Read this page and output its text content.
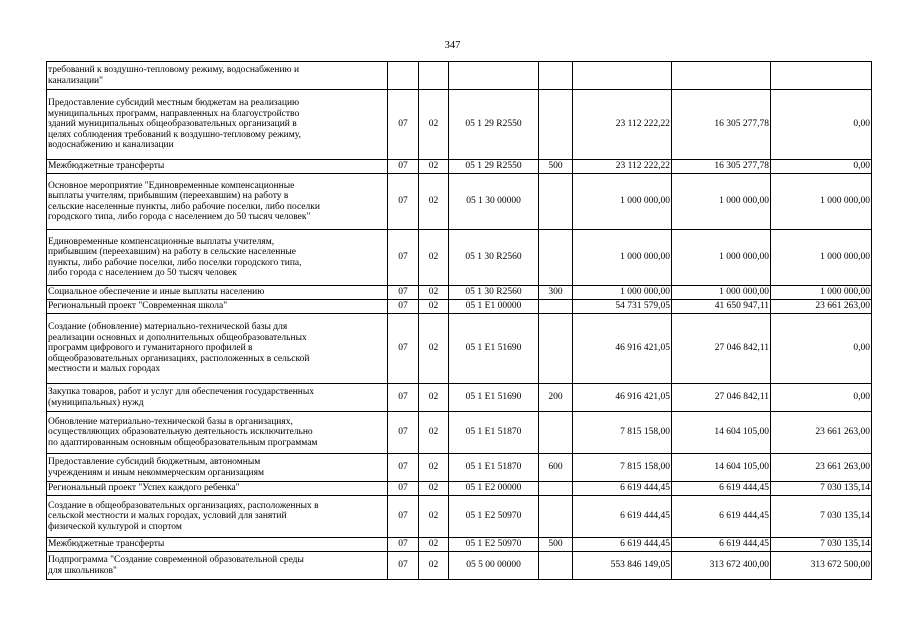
347
требований к воздушно-тепловому режиму, водоснабжению и
канализации"							
Предоставление субсидий местным бюджетам на реализацию
муниципальных программ, направленных на благоустройство
зданий муниципальных общеобразовательных организаций в
целях соблюдения требований к воздушно-тепловому режиму,
водоснабжению и канализации	07	02	05 1 29 R2550		23 112 222,22	16 305 277,78	0,00
Межбюджетные трансферты	07	02	05 1 29 R2550	500	23 112 222,22	16 305 277,78	0,00
Основное мероприятие "Единовременные компенсационные
выплаты учителям, прибывшим (переехавшим) на работу в
сельские населенные пункты, либо рабочие поселки, либо поселки
городского типа, либо города с населением до 50 тысяч человек"	07	02	05 1 30 00000		1 000 000,00	1 000 000,00	1 000 000,00
Единовременные компенсационные выплаты учителям,
прибывшим (переехавшим) на работу в сельские населенные
пункты, либо рабочие поселки, либо поселки городского типа,
либо города с населением до 50 тысяч человек	07	02	05 1 30 R2560		1 000 000,00	1 000 000,00	1 000 000,00
Социальное обеспечение и иные выплаты населению	07	02	05 1 30 R2560	300	1 000 000,00	1 000 000,00	1 000 000,00
Региональный проект "Современная школа"	07	02	05 1 E1 00000		54 731 579,05	41 650 947,11	23 661 263,00
Создание (обновление) материально-технической базы для
реализации основных и дополнительных общеобразовательных
программ цифрового и гуманитарного профилей в
общеобразовательных организациях, расположенных в сельской
местности и малых городах	07	02	05 1 E1 51690		46 916 421,05	27 046 842,11	0,00
Закупка товаров, работ и услуг для обеспечения государственных
(муниципальных) нужд	07	02	05 1 E1 51690	200	46 916 421,05	27 046 842,11	0,00
Обновление материально-технической базы в организациях,
осуществляющих образовательную деятельность исключительно
по адаптированным основным общеобразовательным программам	07	02	05 1 E1 51870		7 815 158,00	14 604 105,00	23 661 263,00
Предоставление субсидий бюджетным, автономным
учреждениям и иным некоммерческим организациям	07	02	05 1 E1 51870	600	7 815 158,00	14 604 105,00	23 661 263,00
Региональный проект "Успех каждого ребенка"	07	02	05 1 E2 00000		6 619 444,45	6 619 444,45	7 030 135,14
Создание в общеобразовательных организациях, расположенных в
сельской местности и малых городах, условий для занятий
физической культурой и спортом	07	02	05 1 E2 50970		6 619 444,45	6 619 444,45	7 030 135,14
Межбюджетные трансферты	07	02	05 1 E2 50970	500	6 619 444,45	6 619 444,45	7 030 135,14
Подпрограмма "Создание современной образовательной среды
для школьников"	07	02	05 5 00 00000		553 846 149,05	313 672 400,00	313 672 500,00
